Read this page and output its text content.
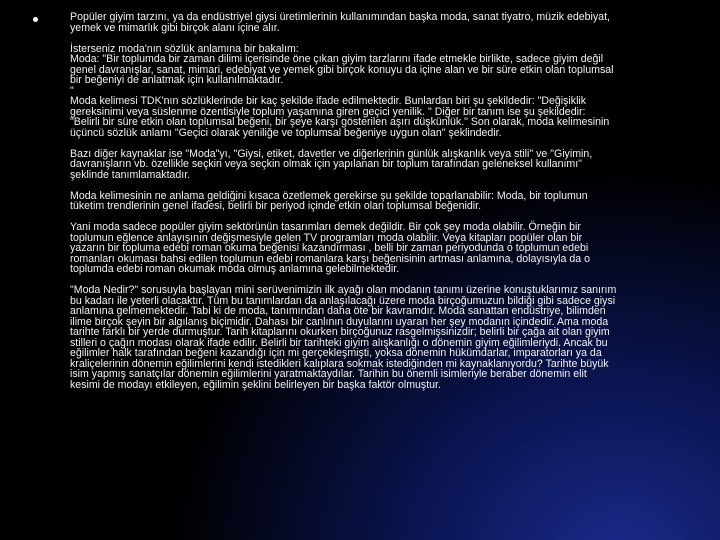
Popüler giyim tarzını, ya da endüstriyel giysi üretimlerinin kullanımından başka moda, sanat tiyatro, müzik edebiyat,
yemek ve mimarlık gibi birçok alanı içine alır.

İsterseniz moda'nın sözlük anlamına bir bakalım:
Moda: "Bir toplumda bir zaman dilimi içerisinde öne çıkan giyim tarzlarını ifade etmekle birlikte, sadece giyim değil
genel davranışlar, sanat, mimari, edebiyat ve yemek gibi birçok konuyu da içine alan ve bir süre etkin olan toplumsal
bir beğeniyi de anlatmak için kullanılmaktadır.
"
Moda kelimesi TDK'nın sözlüklerinde bir kaç şekilde ifade edilmektedir. Bunlardan biri şu şekildedir: "Değişiklik
gereksinimi veya süslenme özentisiyle toplum yaşamına giren geçici yenilik. " Diğer bir tanım ise şu şekildedir:
"Belirli bir süre etkin olan toplumsal beğeni, bir şeye karşı gösterilen aşırı düşkünlük." Son olarak, moda kelimesinin
üçüncü sözlük anlamı "Geçici olarak yeniliğe ve toplumsal beğeniye uygun olan" şeklindedir.

Bazı diğer kaynaklar ise "Moda"yı, "Giysi, etiket, davetler ve diğerlerinin günlük alışkanlık veya stili" ve "Giyimin,
davranışların vb. özellikle seçkin veya seçkin olmak için yapılanan bir toplum tarafından geleneksel kullanımı"
şeklinde tanımlamaktadır.

Moda kelimesinin ne anlama geldiğini kısaca özetlemek gerekirse şu şekilde toparlanabilir: Moda, bir toplumun
tüketim trendlerinin genel ifadesi, belirli bir periyod içinde etkin olan toplumsal beğenidir.

Yani moda sadece popüler giyim sektörünün tasarımları demek değildir. Bir çok şey moda olabilir. Örneğin bir
toplumun eğlence anlayışının değişmesiyle gelen TV programları moda olabilir. Veya kitapları popüler olan bir
yazarın bir topluma edebi roman okuma beğenisi kazandırması , belli bir zaman periyodunda o toplumun edebi
romanları okuması bahsi edilen toplumun edebi romanlara karşı beğenisinin artması anlamına, dolayısıyla da o
toplumda edebi roman okumak moda olmuş anlamına gelebilmektedir.

"Moda Nedir?" sorusuyla başlayan mini serüvenimizin ilk ayağı olan modanın tanımı üzerine konuştuklarımız sanırım
bu kadarı ile yeterli olacaktır. Tüm bu tanımlardan da anlaşılacağı üzere moda birçoğumuzun bildiği gibi sadece giysi
anlamına gelmemektedir. Tabi ki de moda, tanımından daha öte bir kavramdır. Moda sanattan endüstriye, bilimden
ilime birçok şeyin bir algılanış biçimidir. Dahası bir canlının duyularını uyaran her şey modanın içindedir. Ama moda
tarihte farklı bir yerde durmuştur. Tarih kitaplarını okurken birçoğunuz rasgelmişsinizdir; belirli bir çağa ait olan giyim
stilleri o çağın modası olarak ifade edilir. Belirli bir tarihteki giyim alışkanlığı o dönemin giyim eğilimleriydi. Ancak bu
eğilimler halk tarafından beğeni kazandığı için mi gerçekleşmişti, yoksa dönemin hükümdarlar, imparatorları ya da
kraliçelerinin dönemin eğilimlerini kendi istedikleri kalıplara sokmak istediğinden mi kaynaklanıyordu? Tarihte büyük
isim yapmış sanatçılar dönemin eğilimlerini yaratmaktaydılar. Tarihin bu önemli isimleriyle beraber dönemin elit
kesimi de modayı etkileyen, eğilimin şeklini belirleyen bir başka faktör olmuştur.
